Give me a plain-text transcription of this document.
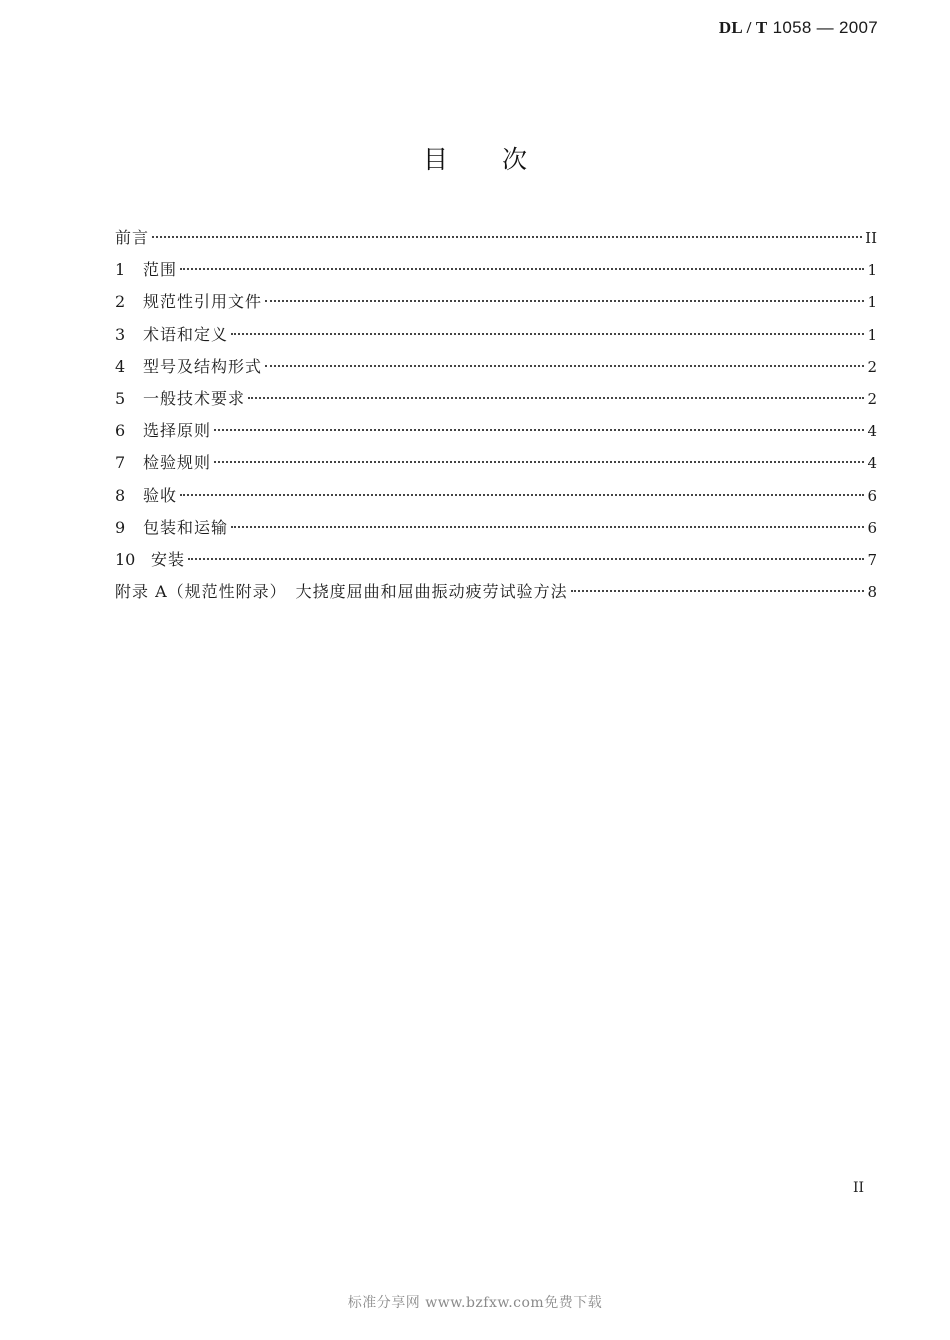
DL / T 1058 — 2007
目次
前言	II
1	范围	1
2	规范性引用文件	1
3	术语和定义	1
4	型号及结构形式	2
5	一般技术要求	2
6	选择原则	4
7	检验规则	4
8	验收	6
9	包装和运输	6
10 安装	7
附录 A（规范性附录）　大挠度屈曲和屈曲振动疲劳试验方法	8
II
标准分享网 www.bzfxw.com免费下载
